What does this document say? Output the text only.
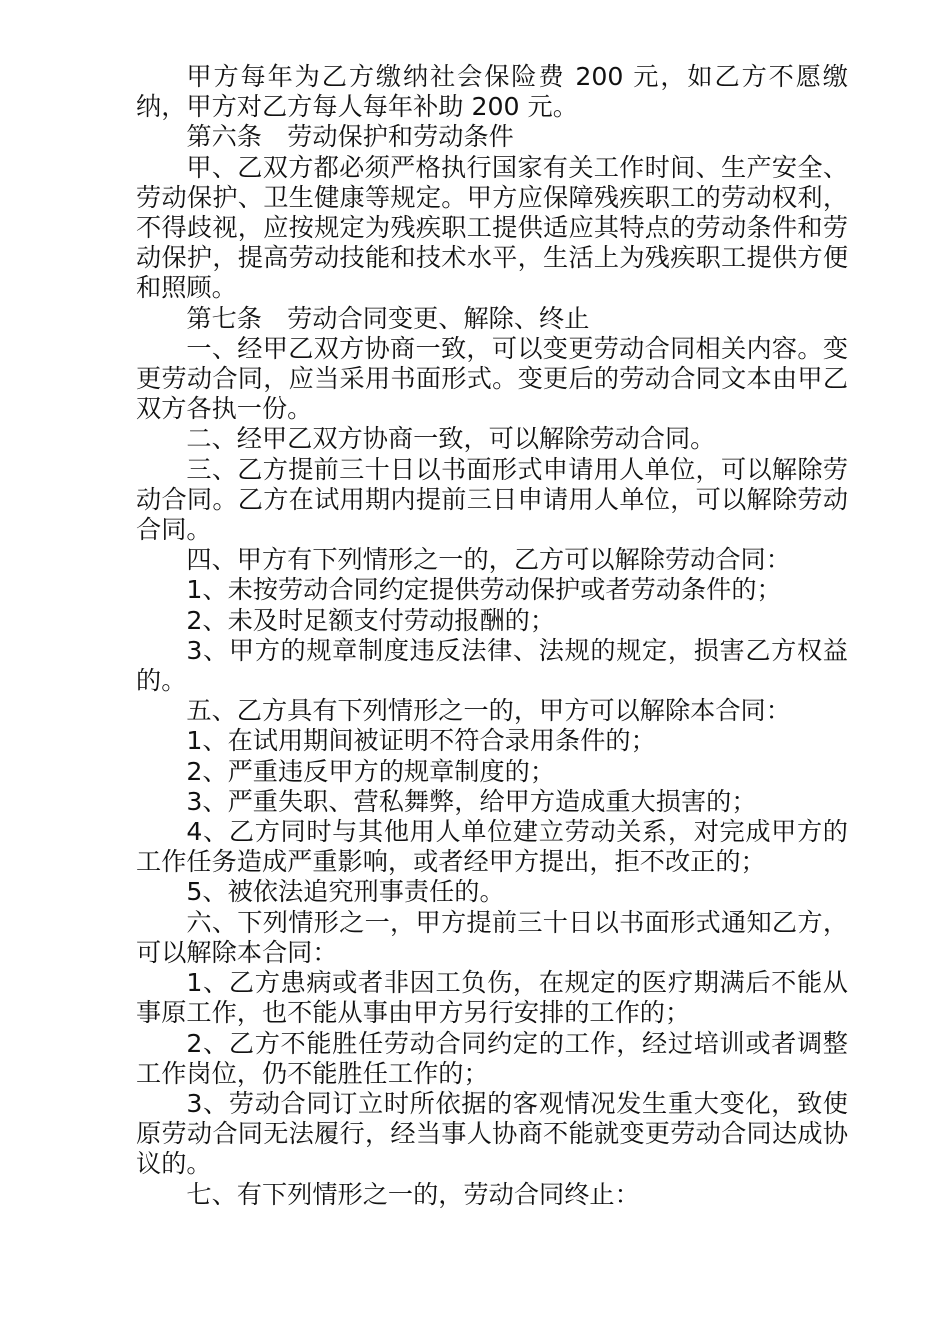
甲方每年为乙方缴纳社会保险费 200 元，如乙方不愿缴纳，甲方对乙方每人每年补助 200 元。

第六条　劳动保护和劳动条件

甲、乙双方都必须严格执行国家有关工作时间、生产安全、劳动保护、卫生健康等规定。甲方应保障残疾职工的劳动权利，不得歧视，应按规定为残疾职工提供适应其特点的劳动条件和劳动保护，提高劳动技能和技术水平，生活上为残疾职工提供方便和照顾。

第七条　劳动合同变更、解除、终止

一、经甲乙双方协商一致，可以变更劳动合同相关内容。变更劳动合同，应当采用书面形式。变更后的劳动合同文本由甲乙双方各执一份。

二、经甲乙双方协商一致，可以解除劳动合同。

三、乙方提前三十日以书面形式申请用人单位，可以解除劳动合同。乙方在试用期内提前三日申请用人单位，可以解除劳动合同。

四、甲方有下列情形之一的，乙方可以解除劳动合同：

1、未按劳动合同约定提供劳动保护或者劳动条件的；

2、未及时足额支付劳动报酬的；

3、甲方的规章制度违反法律、法规的规定，损害乙方权益的。

五、乙方具有下列情形之一的，甲方可以解除本合同：

1、在试用期间被证明不符合录用条件的；

2、严重违反甲方的规章制度的；

3、严重失职、营私舞弊，给甲方造成重大损害的；

4、乙方同时与其他用人单位建立劳动关系，对完成甲方的工作任务造成严重影响，或者经甲方提出，拒不改正的；

5、被依法追究刑事责任的。

六、下列情形之一，甲方提前三十日以书面形式通知乙方，可以解除本合同：

1、乙方患病或者非因工负伤，在规定的医疗期满后不能从事原工作，也不能从事由甲方另行安排的工作的；

2、乙方不能胜任劳动合同约定的工作，经过培训或者调整工作岗位，仍不能胜任工作的；

3、劳动合同订立时所依据的客观情况发生重大变化，致使原劳动合同无法履行，经当事人协商不能就变更劳动合同达成协议的。

七、有下列情形之一的，劳动合同终止：
